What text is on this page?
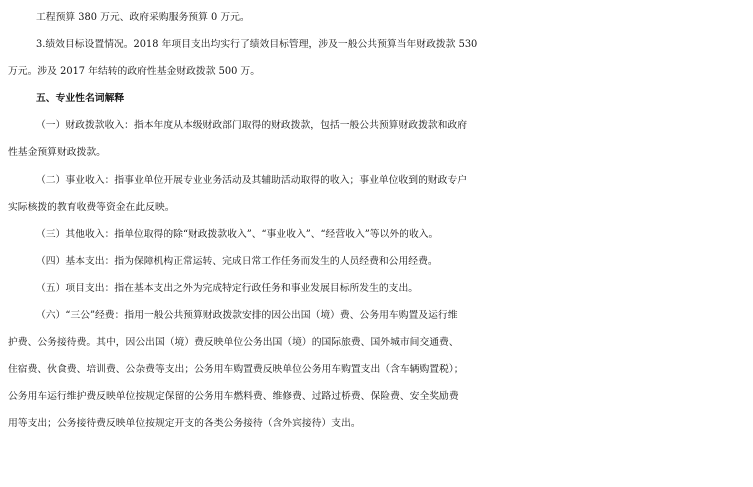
工程预算 380 万元、政府采购服务预算 0 万元。

3.绩效目标设置情况。2018 年项目支出均实行了绩效目标管理，涉及一般公共预算当年财政拨款 530

万元。涉及 2017 年结转的政府性基金财政拨款 500 万。

五、专业性名词解释

（一）财政拨款收入：指本年度从本级财政部门取得的财政拨款，包括一般公共预算财政拨款和政府

性基金预算财政拨款。

（二）事业收入：指事业单位开展专业业务活动及其辅助活动取得的收入；事业单位收到的财政专户

实际核拨的教育收费等资金在此反映。

（三）其他收入：指单位取得的除“财政拨款收入”、“事业收入”、“经营收入”等以外的收入。

（四）基本支出：指为保障机构正常运转、完成日常工作任务而发生的人员经费和公用经费。

（五）项目支出：指在基本支出之外为完成特定行政任务和事业发展目标所发生的支出。

（六）“三公”经费：指用一般公共预算财政拨款安排的因公出国（境）费、公务用车购置及运行维

护费、公务接待费。其中，因公出国（境）费反映单位公务出国（境）的国际旅费、国外城市间交通费、

住宿费、伙食费、培训费、公杂费等支出；公务用车购置费反映单位公务用车购置支出（含车辆购置税）；

公务用车运行维护费反映单位按规定保留的公务用车燃料费、维修费、过路过桥费、保险费、安全奖励费

用等支出；公务接待费反映单位按规定开支的各类公务接待（含外宾接待）支出。
